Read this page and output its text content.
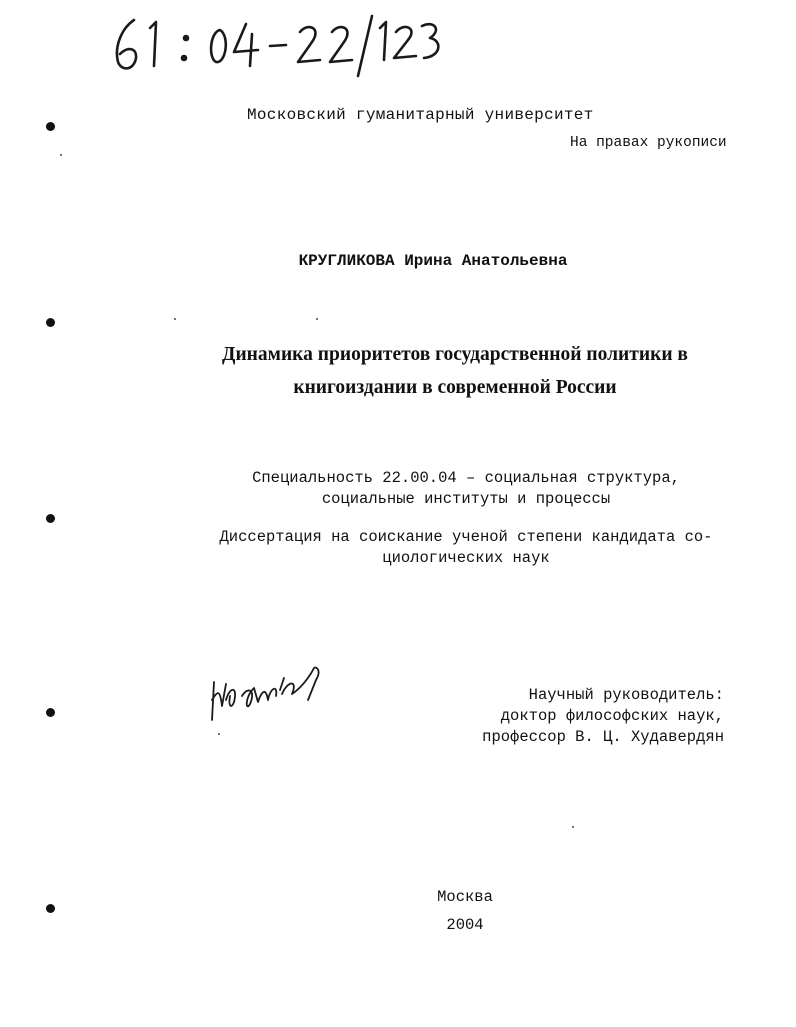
Московский гуманитарный университет
На правах рукописи
КРУГЛИКОВА Ирина Анатольевна
Динамика приоритетов государственной политики в
книгоиздании в современной России
Специальность 22.00.04 – социальная структура,
социальные институты и процессы
Диссертация на соискание ученой степени кандидата со-
циологических наук
Научный руководитель:
доктор философских наук,
профессор В. Ц. Худавердян
Москва
2004
